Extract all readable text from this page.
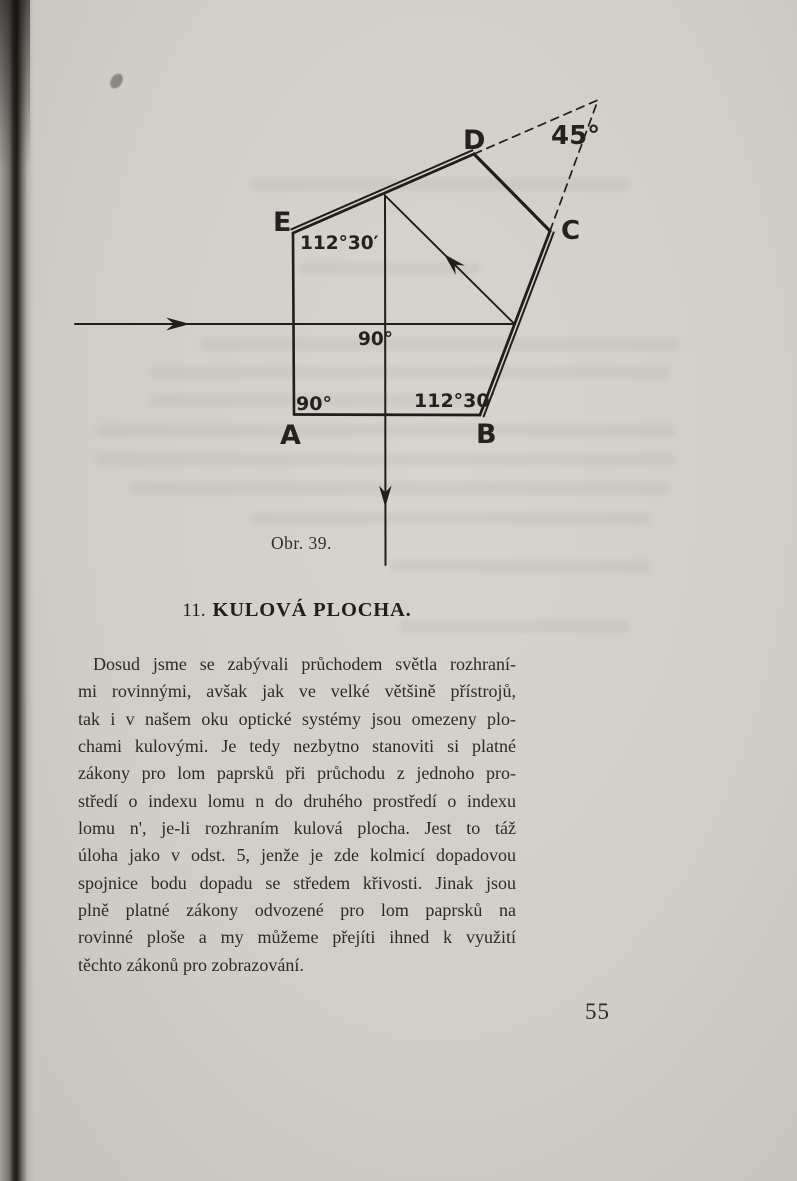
E
D
C
A	B
45°
112°30′
90°
90°	112°30′
Obr. 39.
11. KULOVÁ PLOCHA.
Dosud jsme se zabývali průchodem světla rozhraní-
mi rovinnými, avšak jak ve velké většině přístrojů,
tak i v našem oku optické systémy jsou omezeny plo-
chami kulovými. Je tedy nezbytno stanoviti si platné
zákony pro lom paprsků při průchodu z jednoho pro-
středí o indexu lomu n do druhého prostředí o indexu
lomu n', je-li rozhraním kulová plocha. Jest to táž
úloha jako v odst. 5, jenže je zde kolmicí dopadovou
spojnice bodu dopadu se středem křivosti. Jinak jsou
plně platné zákony odvozené pro lom paprsků na
rovinné ploše a my můžeme přejíti ihned k využití
těchto zákonů pro zobrazování.
55
